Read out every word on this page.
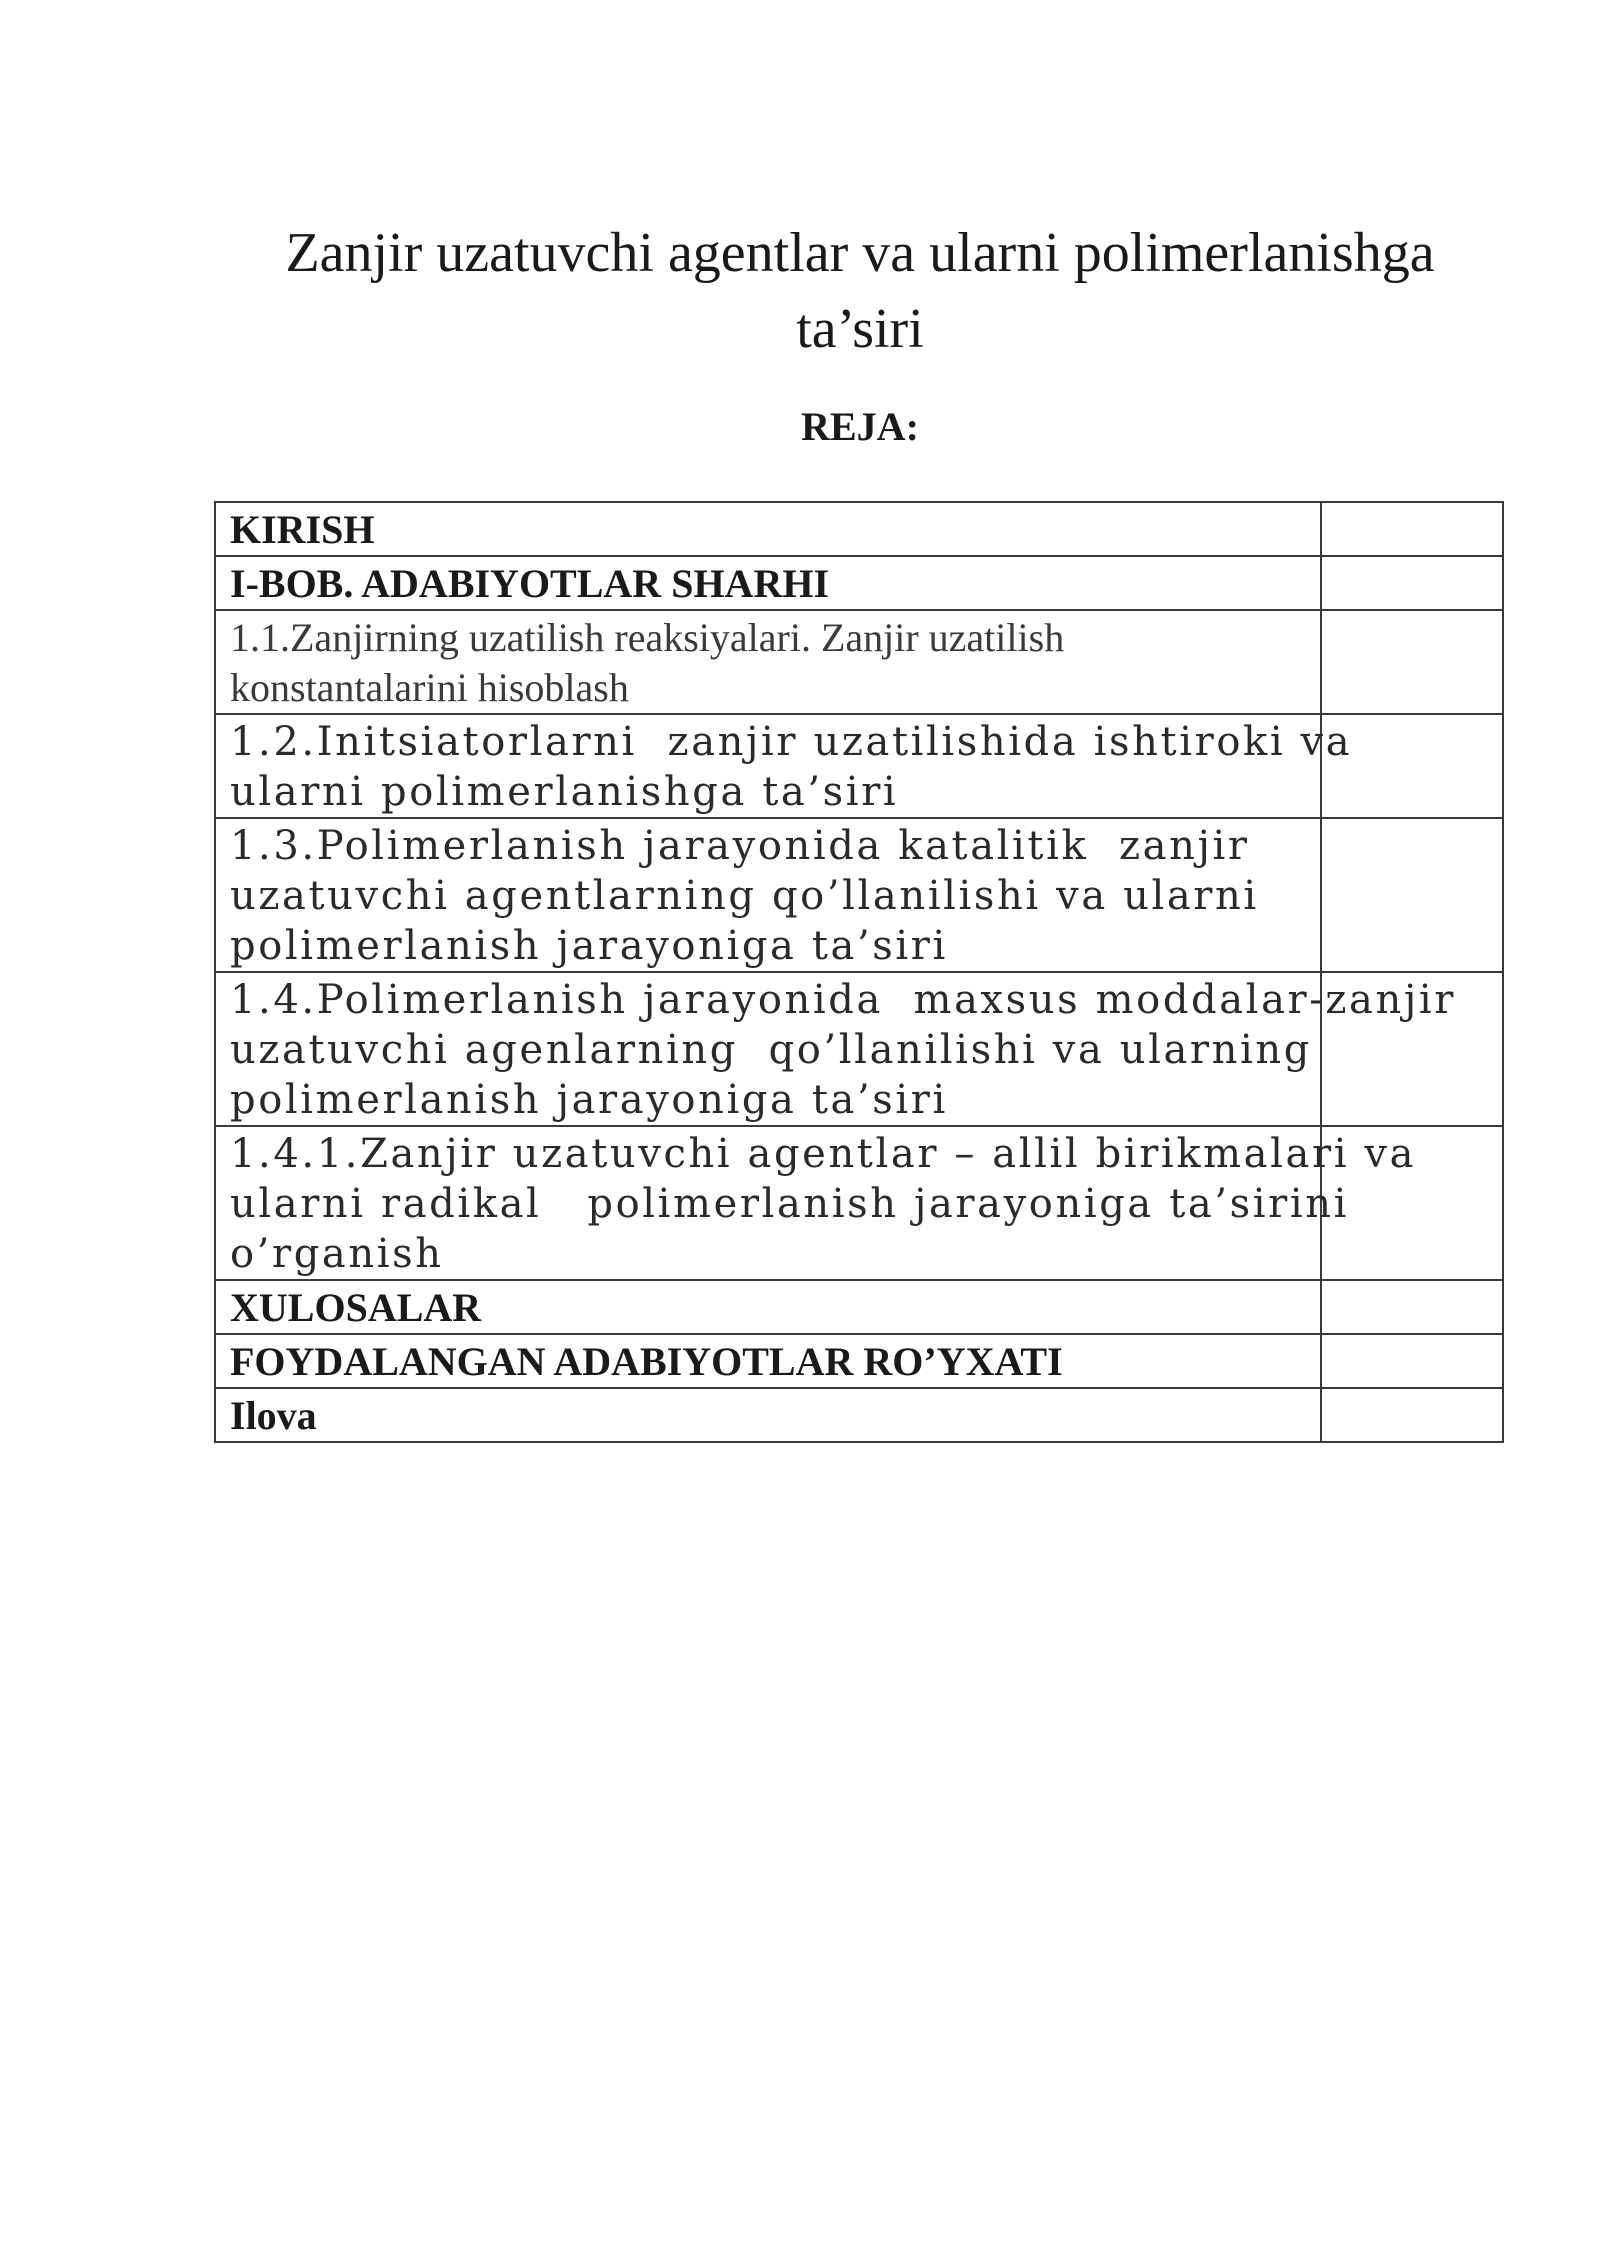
Zanjir uzatuvchi agentlar va ularni polimerlanishga
ta’siri
REJA:
KIRISH	

I-BOB. ADABIYOTLAR SHARHI	

1.1.Zanjirning uzatilish reaksiyalari. Zanjir uzatilish
konstantalarini hisoblash	

1.2.Initsiatorlarni  zanjir uzatilishida ishtiroki va
ularni polimerlanishga ta’siri	

1.3.Polimerlanish jarayonida katalitik  zanjir
uzatuvchi agentlarning qo’llanilishi va ularni
polimerlanish jarayoniga ta’siri	

1.4.Polimerlanish jarayonida  maxsus moddalar-zanjir
uzatuvchi agenlarning  qo’llanilishi va ularning
polimerlanish jarayoniga ta’siri	

1.4.1.Zanjir uzatuvchi agentlar – allil birikmalari va
ularni radikal   polimerlanish jarayoniga ta’sirini
o’rganish	

XULOSALAR	

FOYDALANGAN ADABIYOTLAR RO’YXATI	

Ilova	
